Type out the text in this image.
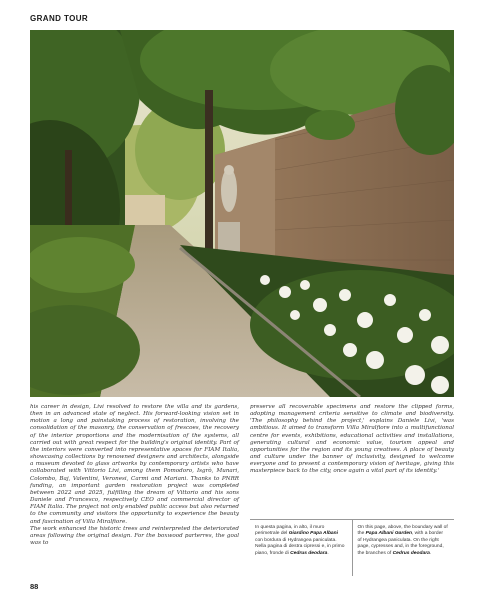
GRAND TOUR

his career in design, Livi resolved to restore the villa and its gardens, then in an advanced state of neglect. His forward-looking vision set in motion a long and painstaking process of restoration, involving the consolidation of the masonry, the conservation of frescoes, the recovery of the interior proportions and the modernisation of the systems, all carried out with great respect for the building's original identity. Part of the interiors were converted into representative spaces for FIAM Italia, showcasing collections by renowned designers and architects, alongside a museum devoted to glass artworks by contemporary artists who have collaborated with Vittorio Livi, among them Pomodoro, Isgrò, Munari, Colombo, Baj, Valentini, Veronesi, Carmi and Mariani. Thanks to PNRR funding, an important garden restoration project was completed between 2022 and 2025, fulfilling the dream of Vittorio and his sons Daniele and Francesco, respectively CEO and commercial director of FIAM Italia. The project not only enabled public access but also returned to the community and visitors the opportunity to experience the beauty and fascination of Villa Miralfiore.

The work enhanced the historic trees and reinterpreted the deteriorated areas following the original design. For the boxwood parterres, the goal was to

preserve all recoverable specimens and restore the clipped forms, adopting management criteria sensitive to climate and biodiversity. 'The philosophy behind the project,' explains Daniele Livi, 'was ambitious. It aimed to transform Villa Miralfiore into a multifunctional centre for events, exhibitions, educational activities and installations, generating cultural and economic value, tourism appeal and opportunities for the region and its young creatives. A place of beauty and culture under the banner of inclusivity, designed to welcome everyone and to present a contemporary vision of heritage, giving this masterpiece back to the city, once again a vital part of its identity.'

In questa pagina, in alto, il muro perimetrale del Giardino Papa Albani con bordura di Hydrangea paniculata. Nella pagina di destra cipressi e, in primo piano, fronde di Cedrus deodara.
On this page, above, the boundary wall of the Papa Albani Garden, with a border of Hydrangea paniculata. On the right page, cypresses and, in the foreground, the branches of Cedrus deodara.
88
